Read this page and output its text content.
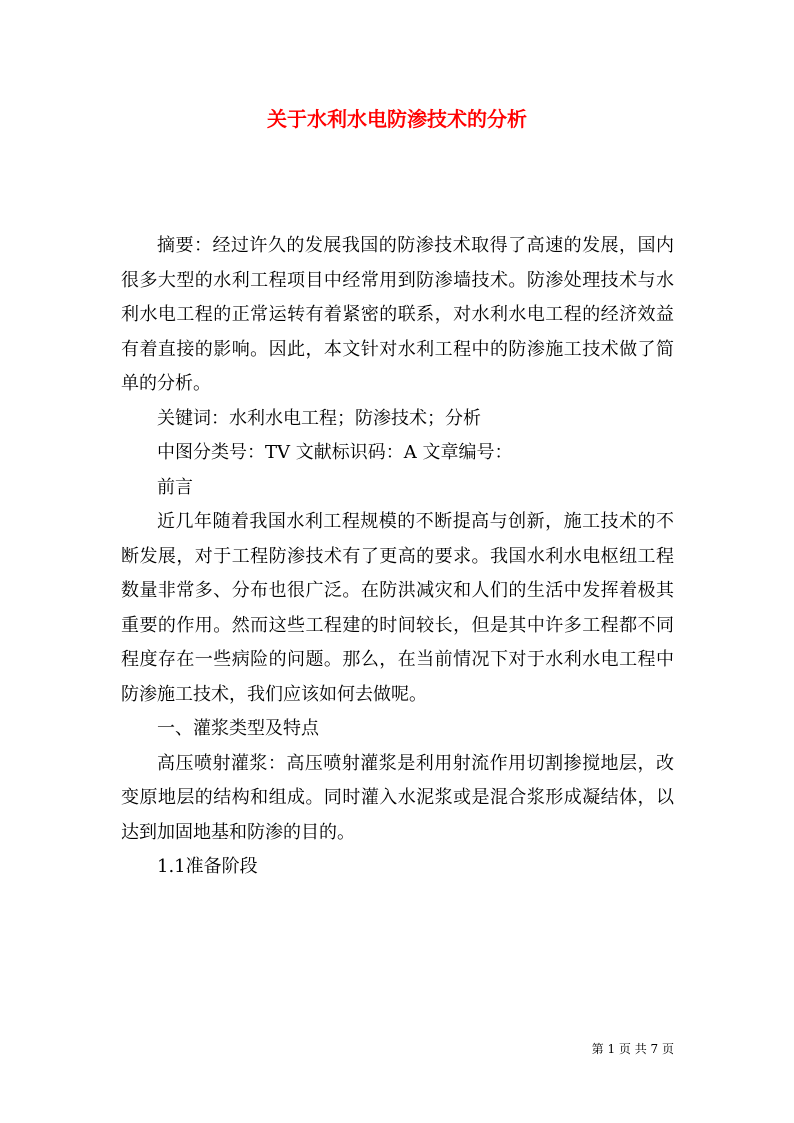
关于水利水电防渗技术的分析

摘要：经过许久的发展我国的防渗技术取得了高速的发展，国内很多大型的水利工程项目中经常用到防渗墙技术。防渗处理技术与水利水电工程的正常运转有着紧密的联系，对水利水电工程的经济效益有着直接的影响。因此，本文针对水利工程中的防渗施工技术做了简单的分析。

关键词：水利水电工程；防渗技术；分析

中图分类号：TV 文献标识码：A 文章编号：

前言

近几年随着我国水利工程规模的不断提高与创新，施工技术的不断发展，对于工程防渗技术有了更高的要求。我国水利水电枢纽工程数量非常多、分布也很广泛。在防洪减灾和人们的生活中发挥着极其重要的作用。然而这些工程建的时间较长，但是其中许多工程都不同程度存在一些病险的问题。那么，在当前情况下对于水利水电工程中防渗施工技术，我们应该如何去做呢。

一、灌浆类型及特点

高压喷射灌浆：高压喷射灌浆是利用射流作用切割掺搅地层，改变原地层的结构和组成。同时灌入水泥浆或是混合浆形成凝结体，以达到加固地基和防渗的目的。

1.1准备阶段

第 1 页 共 7 页
